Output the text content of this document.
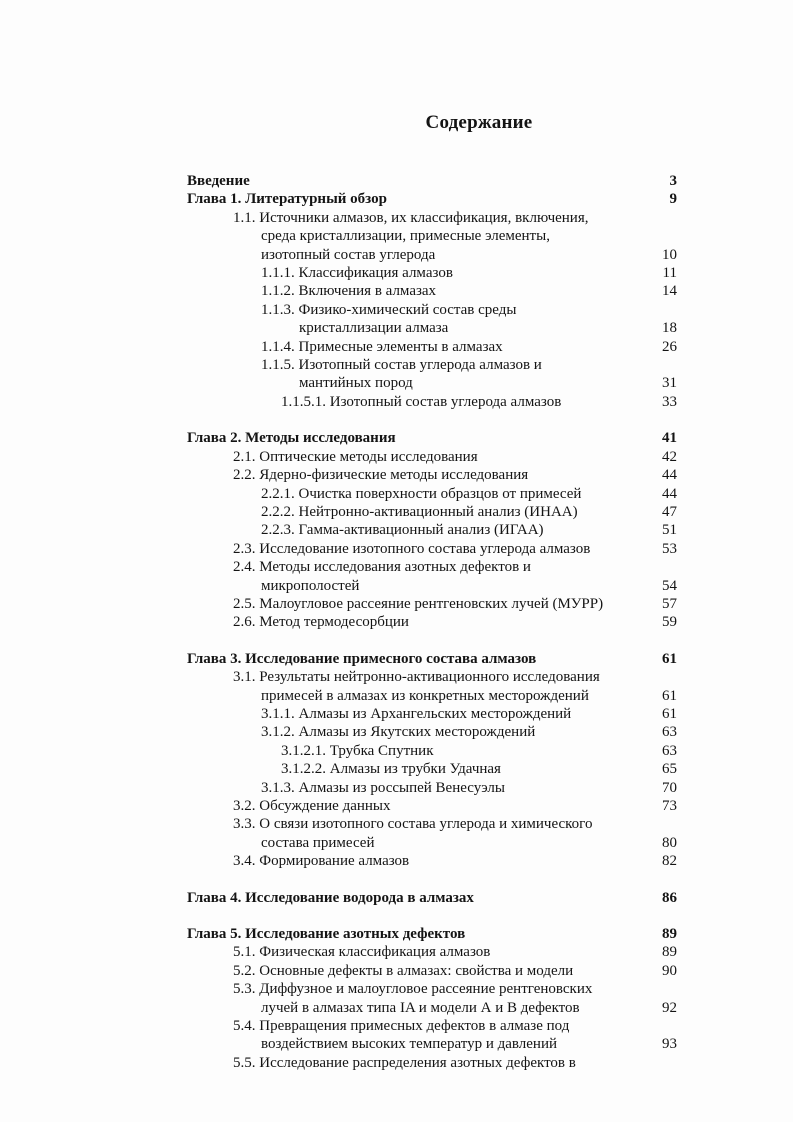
Содержание
Введение	3
Глава 1. Литературный обзор	9
1.1. Источники алмазов, их классификация, включения,
среда кристаллизации, примесные элементы,
изотопный состав углерода	10
1.1.1. Классификация алмазов	11
1.1.2. Включения в алмазах	14
1.1.3. Физико-химический состав среды
кристаллизации алмаза	18
1.1.4. Примесные элементы в алмазах	26
1.1.5. Изотопный состав углерода алмазов и
мантийных пород	31
1.1.5.1. Изотопный состав углерода алмазов	33
Глава 2. Методы исследования	41
2.1. Оптические методы исследования	42
2.2. Ядерно-физические методы исследования	44
2.2.1. Очистка поверхности образцов от примесей	44
2.2.2. Нейтронно-активационный анализ (ИНАА)	47
2.2.3. Гамма-активационный анализ (ИГАА)	51
2.3. Исследование изотопного состава углерода алмазов	53
2.4. Методы исследования азотных дефектов и
микрополостей	54
2.5. Малоугловое рассеяние рентгеновских лучей (МУРР)	57
2.6. Метод термодесорбции	59
Глава 3. Исследование примесного состава алмазов	61
3.1. Результаты нейтронно-активационного исследования
примесей в алмазах из конкретных месторождений	61
3.1.1. Алмазы из Архангельских месторождений	61
3.1.2. Алмазы из Якутских месторождений	63
3.1.2.1. Трубка Спутник	63
3.1.2.2. Алмазы из трубки Удачная	65
3.1.3. Алмазы из россыпей Венесуэлы	70
3.2. Обсуждение данных	73
3.3. О связи изотопного состава углерода и химического
состава примесей	80
3.4. Формирование алмазов	82
Глава 4. Исследование водорода в алмазах	86
Глава 5. Исследование азотных дефектов	89
5.1. Физическая классификация алмазов	89
5.2. Основные дефекты в алмазах: свойства и модели	90
5.3. Диффузное и малоугловое рассеяние рентгеновских
лучей в алмазах типа IA и модели А и В дефектов	92
5.4. Превращения примесных дефектов в алмазе под
воздействием высоких температур и давлений	93
5.5. Исследование распределения азотных дефектов в
